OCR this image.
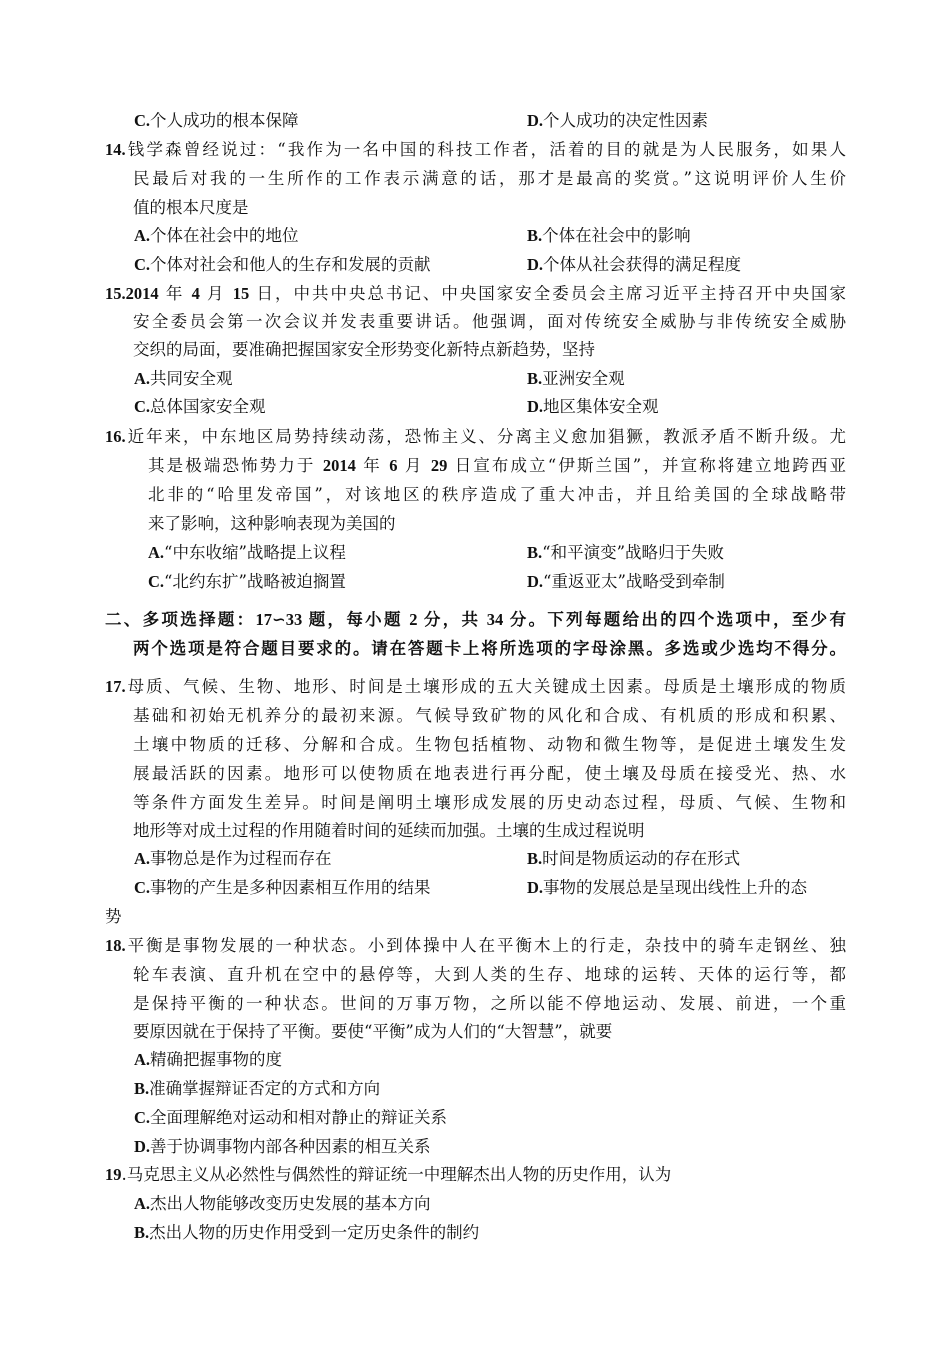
C.个人成功的根本保障	D.个人成功的决定性因素
14.钱学森曾经说过：“我作为一名中国的科技工作者，活着的目的就是为人民服务，如果人
民最后对我的一生所作的工作表示满意的话，那才是最高的奖赏。”这说明评价人生价
值的根本尺度是
A.个体在社会中的地位	B.个体在社会中的影响
C.个体对社会和他人的生存和发展的贡献	D.个体从社会获得的满足程度
15.2014 年 4 月 15 日，中共中央总书记、中央国家安全委员会主席习近平主持召开中央国家
安全委员会第一次会议并发表重要讲话。他强调，面对传统安全威胁与非传统安全威胁
交织的局面，要准确把握国家安全形势变化新特点新趋势，坚持
A.共同安全观	B.亚洲安全观
C.总体国家安全观	D.地区集体安全观
16.近年来，中东地区局势持续动荡，恐怖主义、分离主义愈加猖獗，教派矛盾不断升级。尤
其是极端恐怖势力于 2014 年 6 月 29 日宣布成立“伊斯兰国”，并宣称将建立地跨西亚
北非的“哈里发帝国”，对该地区的秩序造成了重大冲击，并且给美国的全球战略带
来了影响，这种影响表现为美国的
A.“中东收缩”战略提上议程	B.“和平演变”战略归于失败
C.“北约东扩”战略被迫搁置	D.“重返亚太”战略受到牵制
二、多项选择题：17∽33 题，每小题 2 分，共 34 分。下列每题给出的四个选项中，至少有
两个选项是符合题目要求的。请在答题卡上将所选项的字母涂黑。多选或少选均不得分。
17.母质、气候、生物、地形、时间是土壤形成的五大关键成土因素。母质是土壤形成的物质
基础和初始无机养分的最初来源。气候导致矿物的风化和合成、有机质的形成和积累、
土壤中物质的迁移、分解和合成。生物包括植物、动物和微生物等，是促进土壤发生发
展最活跃的因素。地形可以使物质在地表进行再分配，使土壤及母质在接受光、热、水
等条件方面发生差异。时间是阐明土壤形成发展的历史动态过程，母质、气候、生物和
地形等对成土过程的作用随着时间的延续而加强。土壤的生成过程说明
A.事物总是作为过程而存在	B.时间是物质运动的存在形式
C.事物的产生是多种因素相互作用的结果	D.事物的发展总是呈现出线性上升的态
势
18.平衡是事物发展的一种状态。小到体操中人在平衡木上的行走，杂技中的骑车走钢丝、独
轮车表演、直升机在空中的悬停等，大到人类的生存、地球的运转、天体的运行等，都
是保持平衡的一种状态。世间的万事万物，之所以能不停地运动、发展、前进，一个重
要原因就在于保持了平衡。要使“平衡”成为人们的“大智慧”，就要
A.精确把握事物的度
B.准确掌握辩证否定的方式和方向
C.全面理解绝对运动和相对静止的辩证关系
D.善于协调事物内部各种因素的相互关系
19.马克思主义从必然性与偶然性的辩证统一中理解杰出人物的历史作用，认为
A.杰出人物能够改变历史发展的基本方向
B.杰出人物的历史作用受到一定历史条件的制约
